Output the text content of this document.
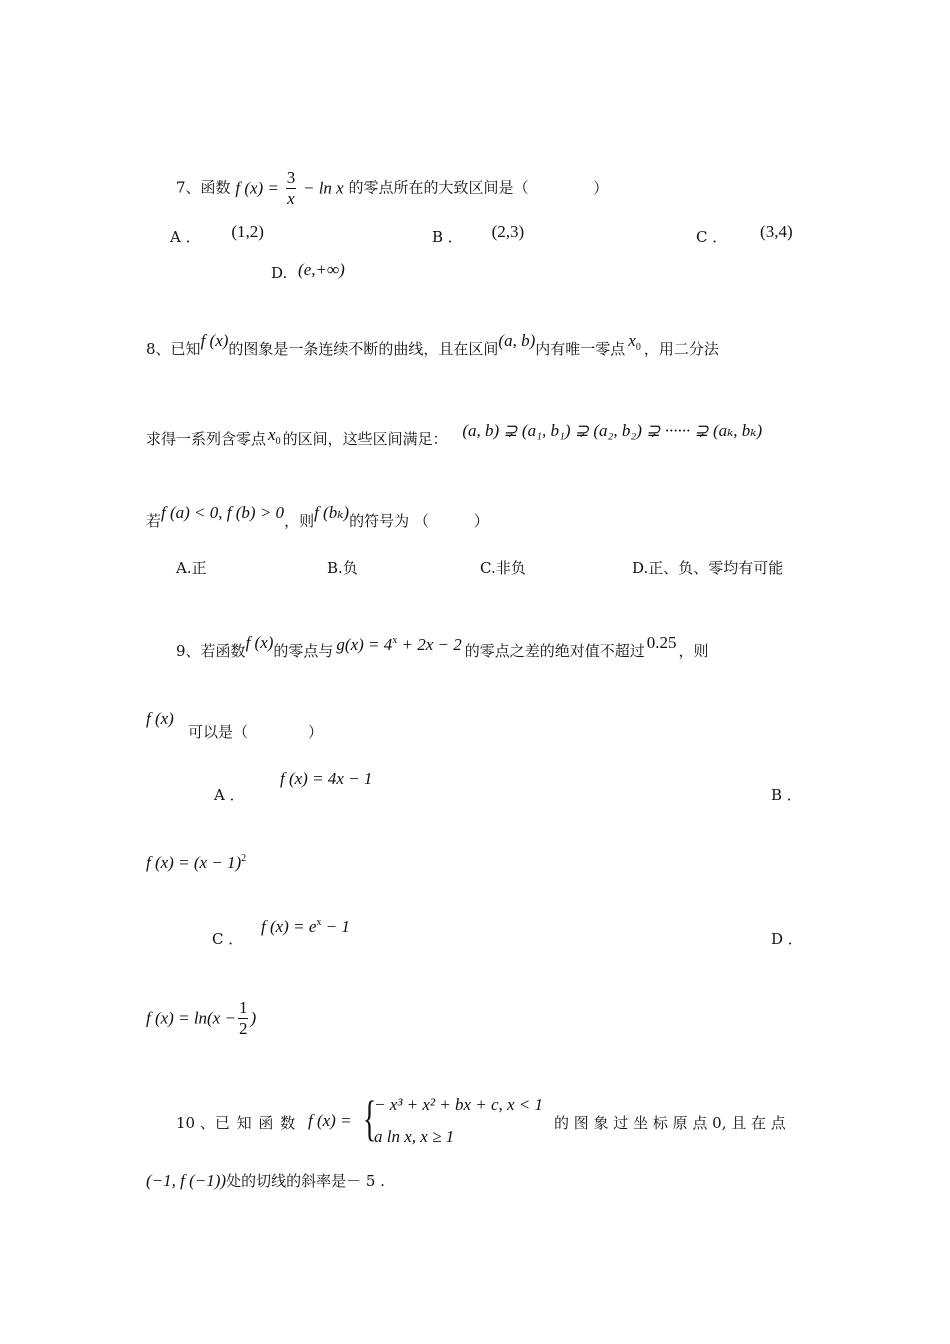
7、函数 f $(x) = \frac{3}{x} - \ln x$ 的零点所在的大致区间是（	）
A ． (1,2)	B ． (2,3)	C ． (3,4)
D. (e,+∞)
8、已知f (x)的图象是一条连续不断的曲线，且在区间(a, b)内有唯一零点 $x_0$ ，用二分法
求得一系列含零点 $x_0$ 的区间，这些区间满足： (a, b) ⊋ (a₁, b₁) ⊋ (a₂, b₂) ⊋ ······ ⊋ (aₖ, bₖ)
若f (a) < 0, f (b) > 0，则f (bₖ)的符号为 （　　　）
A.正	B.负	C.非负	D.正、负、零均有可能
9、若函数f (x)的零点与 $g(x) = 4^x + 2x - 2$ 的零点之差的绝对值不超过 0.25 ，则
f (x)
可以是（　　　　）
A ．
f (x) = 4x − 1
B ．
f $(x) = (x - 1)^2$
C ．
f $(x) = e^x - 1$
D ．
f $(x) = \ln(x - \frac{1}{2}$ )
10 、已 知 函 数 f (x) = {
− x³ + x² + bx + c, x < 1
a ln x, x ≥ 1
的 图 象 过 坐 标 原 点 0, 且 在 点
(−1, f (−1))处的切线的斜率是－ 5 .
